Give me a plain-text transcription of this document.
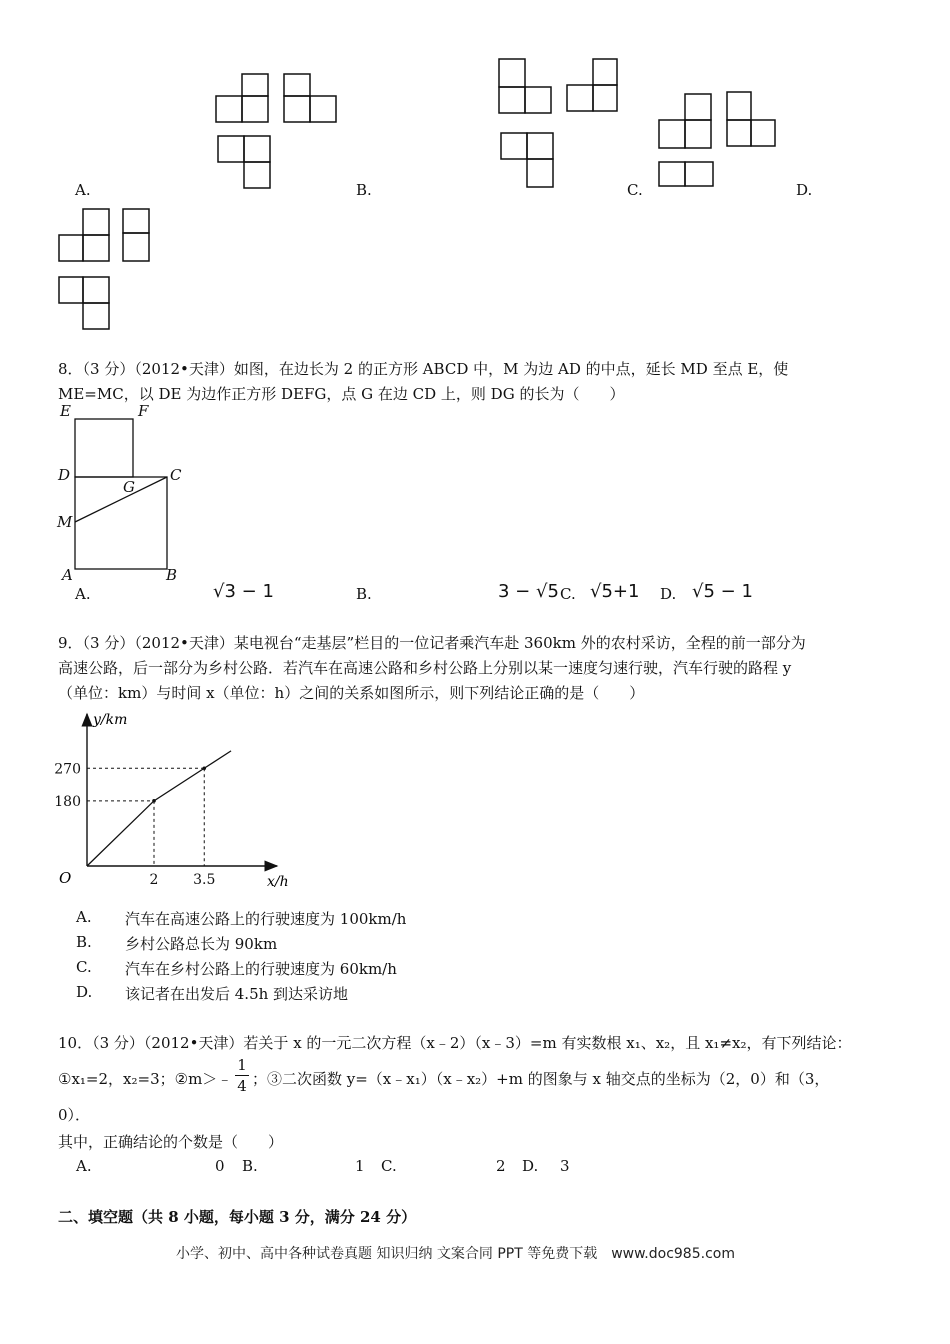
A.	B.	C.	D.
8．（3 分）（2012•天津）如图，在边长为 2 的正方形 ABCD 中，M 为边 AD 的中点，延长 MD 至点 E，使
ME=MC，以 DE 为边作正方形 DEFG，点 G 在边 CD 上，则 DG 的长为（　　）
E	F
D
G
C
M
A	B
A.	√3 − 1	B.	3 − √5 C. √5+1 D. √5 − 1
9．（3 分）（2012•天津）某电视台“走基层”栏目的一位记者乘汽车赴 360km 外的农村采访，全程的前一部分为
高速公路，后一部分为乡村公路．若汽车在高速公路和乡村公路上分别以某一速度匀速行驶，汽车行驶的路程 y
（单位：km）与时间 x（单位：h）之间的关系如图所示，则下列结论正确的是（　　）
2
180
3.5
270
O
y/km
x/h
A. 汽车在高速公路上的行驶速度为 100km/h
B. 乡村公路总长为 90km
C. 汽车在乡村公路上的行驶速度为 60km/h
D. 该记者在出发后 4.5h 到达采访地
10．（3 分）（2012•天津）若关于 x 的一元二次方程（x﹣2）（x﹣3）=m 有实数根 x₁、x₂，且 x₁≠x₂，有下列结论：
①x₁=2，x₂=3；②m＞﹣
1
4 ；③二次函数 y=（x﹣x₁）（x﹣x₂）+m 的图象与 x 轴交点的坐标为（2，0）和（3，
0）．
其中，正确结论的个数是（　　）
A.	0 B.	1 C.	2 D. 3
二、填空题（共 8 小题，每小题 3 分，满分 24 分）
小学、初中、高中各种试卷真题 知识归纳 文案合同 PPT 等免费下载　www.doc985.com
